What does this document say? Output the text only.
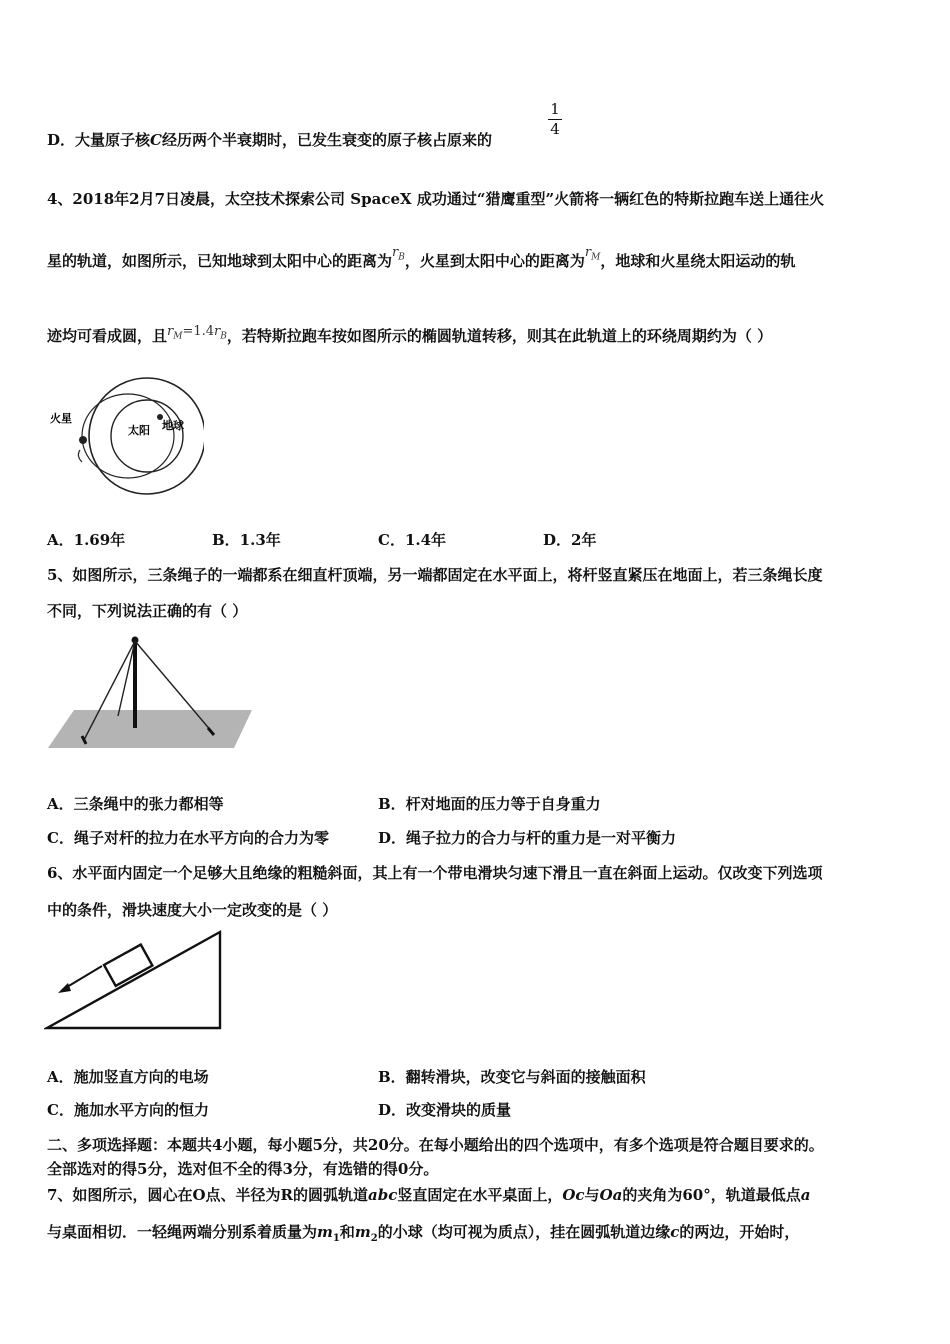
D．大量原子核C经历两个半衰期时，已发生衰变的原子核占原来的
$\frac{1}{4}$
4、2018年2月7日凌晨，太空技术探索公司 SpaceX 成功通过“猎鹰重型”火箭将一辆红色的特斯拉跑车送上通往火
星的轨道，如图所示，已知地球到太阳中心的距离为$r_B$，火星到太阳中心的距离为$r_M$，地球和火星绕太阳运动的轨
迹均可看成圆，且$r_M=1.4r_B$，若特斯拉跑车按如图所示的椭圆轨道转移，则其在此轨道上的环绕周期约为（ ）
火星
太阳 地球
A．1.69年	B．1.3年	C．1.4年	D．2年
5、如图所示，三条绳子的一端都系在细直杆顶端，另一端都固定在水平面上，将杆竖直紧压在地面上，若三条绳长度
不同，下列说法正确的有（ ）
A．三条绳中的张力都相等	B．杆对地面的压力等于自身重力
C．绳子对杆的拉力在水平方向的合力为零	D．绳子拉力的合力与杆的重力是一对平衡力
6、水平面内固定一个足够大且绝缘的粗糙斜面，其上有一个带电滑块匀速下滑且一直在斜面上运动。仅改变下列选项
中的条件，滑块速度大小一定改变的是（ ）
A．施加竖直方向的电场	B．翻转滑块，改变它与斜面的接触面积
C．施加水平方向的恒力	D．改变滑块的质量
二、多项选择题：本题共4小题，每小题5分，共20分。在每小题给出的四个选项中，有多个选项是符合题目要求的。
全部选对的得5分，选对但不全的得3分，有选错的得0分。
7、如图所示，圆心在O点、半径为R的圆弧轨道abc竖直固定在水平桌面上，Oc与Oa的夹角为60°，轨道最低点a
与桌面相切．一轻绳两端分别系着质量为$m_1$和$m_2$的小球（均可视为质点），挂在圆弧轨道边缘c的两边，开始时，
